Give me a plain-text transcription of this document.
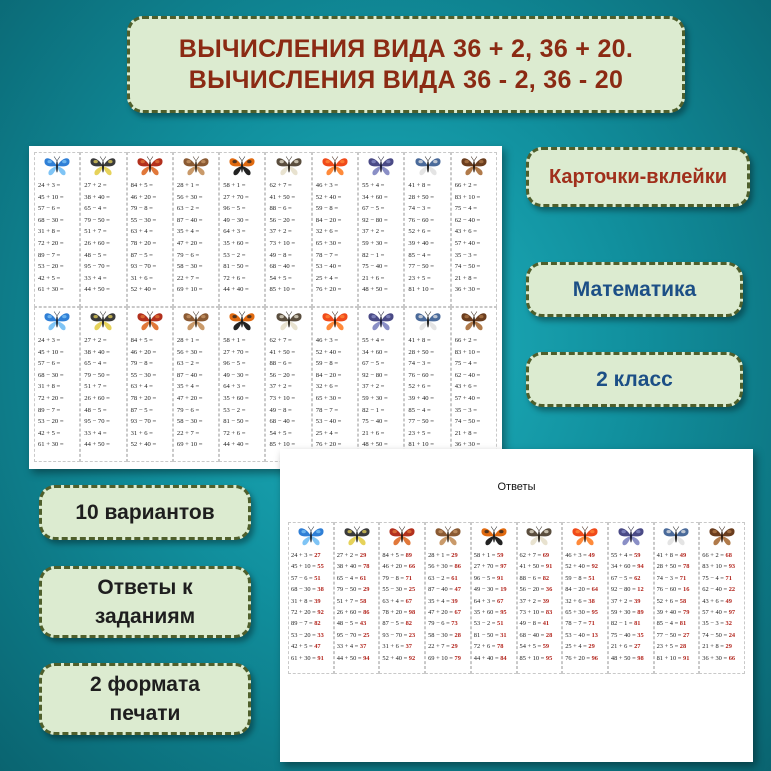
ВЫЧИСЛЕНИЯ ВИДА 36 + 2, 36 + 20.
ВЫЧИСЛЕНИЯ ВИДА 36 - 2, 36 - 20
24 + 3 =
45 + 10 =
57 − 6 =
68 − 30 =
31 + 8 =
72 + 20 =
89 − 7 =
53 − 20 =
42 + 5 =
61 + 30 =
27 + 2 =
38 + 40 =
65 − 4 =
79 − 50 =
51 + 7 =
26 + 60 =
48 − 5 =
95 − 70 =
33 + 4 =
44 + 50 =
84 + 5 =
46 + 20 =
79 − 8 =
55 − 30 =
63 + 4 =
78 + 20 =
87 − 5 =
93 − 70 =
31 + 6 =
52 + 40 =
28 + 1 =
56 + 30 =
63 − 2 =
87 − 40 =
35 + 4 =
47 + 20 =
79 − 6 =
58 − 30 =
22 + 7 =
69 + 10 =
58 + 1 =
27 + 70 =
96 − 5 =
49 − 30 =
64 + 3 =
35 + 60 =
53 − 2 =
81 − 50 =
72 + 6 =
44 + 40 =
62 + 7 =
41 + 50 =
88 − 6 =
56 − 20 =
37 + 2 =
73 + 10 =
49 − 8 =
68 − 40 =
54 + 5 =
85 + 10 =
46 + 3 =
52 + 40 =
59 − 8 =
84 − 20 =
32 + 6 =
65 + 30 =
78 − 7 =
53 − 40 =
25 + 4 =
76 + 20 =
55 + 4 =
34 + 60 =
67 − 5 =
92 − 80 =
37 + 2 =
59 + 30 =
82 − 1 =
75 − 40 =
21 + 6 =
48 + 50 =
41 + 8 =
28 + 50 =
74 − 3 =
76 − 60 =
52 + 6 =
39 + 40 =
85 − 4 =
77 − 50 =
23 + 5 =
81 + 10 =
66 + 2 =
83 + 10 =
75 − 4 =
62 − 40 =
43 + 6 =
57 + 40 =
35 − 3 =
74 − 50 =
21 + 8 =
36 + 30 =
24 + 3 =
45 + 10 =
57 − 6 =
68 − 30 =
31 + 8 =
72 + 20 =
89 − 7 =
53 − 20 =
42 + 5 =
61 + 30 =
27 + 2 =
38 + 40 =
65 − 4 =
79 − 50 =
51 + 7 =
26 + 60 =
48 − 5 =
95 − 70 =
33 + 4 =
44 + 50 =
84 + 5 =
46 + 20 =
79 − 8 =
55 − 30 =
63 + 4 =
78 + 20 =
87 − 5 =
93 − 70 =
31 + 6 =
52 + 40 =
28 + 1 =
56 + 30 =
63 − 2 =
87 − 40 =
35 + 4 =
47 + 20 =
79 − 6 =
58 − 30 =
22 + 7 =
69 + 10 =
58 + 1 =
27 + 70 =
96 − 5 =
49 − 30 =
64 + 3 =
35 + 60 =
53 − 2 =
81 − 50 =
72 + 6 =
44 + 40 =
62 + 7 =
41 + 50 =
88 − 6 =
56 − 20 =
37 + 2 =
73 + 10 =
49 − 8 =
68 − 40 =
54 + 5 =
85 + 10 =
46 + 3 =
52 + 40 =
59 − 8 =
84 − 20 =
32 + 6 =
65 + 30 =
78 − 7 =
53 − 40 =
25 + 4 =
76 + 20 =
55 + 4 =
34 + 60 =
67 − 5 =
92 − 80 =
37 + 2 =
59 + 30 =
82 − 1 =
75 − 40 =
21 + 6 =
48 + 50 =
41 + 8 =
28 + 50 =
74 − 3 =
76 − 60 =
52 + 6 =
39 + 40 =
85 − 4 =
77 − 50 =
23 + 5 =
81 + 10 =
66 + 2 =
83 + 10 =
75 − 4 =
62 − 40 =
43 + 6 =
57 + 40 =
35 − 3 =
74 − 50 =
21 + 8 =
36 + 30 =
Ответы
24 + 3 = 27
45 + 10 = 55
57 − 6 = 51
68 − 30 = 38
31 + 8 = 39
72 + 20 = 92
89 − 7 = 82
53 − 20 = 33
42 + 5 = 47
61 + 30 = 91
27 + 2 = 29
38 + 40 = 78
65 − 4 = 61
79 − 50 = 29
51 + 7 = 58
26 + 60 = 86
48 − 5 = 43
95 − 70 = 25
33 + 4 = 37
44 + 50 = 94
84 + 5 = 89
46 + 20 = 66
79 − 8 = 71
55 − 30 = 25
63 + 4 = 67
78 + 20 = 98
87 − 5 = 82
93 − 70 = 23
31 + 6 = 37
52 + 40 = 92
28 + 1 = 29
56 + 30 = 86
63 − 2 = 61
87 − 40 = 47
35 + 4 = 39
47 + 20 = 67
79 − 6 = 73
58 − 30 = 28
22 + 7 = 29
69 + 10 = 79
58 + 1 = 59
27 + 70 = 97
96 − 5 = 91
49 − 30 = 19
64 + 3 = 67
35 + 60 = 95
53 − 2 = 51
81 − 50 = 31
72 + 6 = 78
44 + 40 = 84
62 + 7 = 69
41 + 50 = 91
88 − 6 = 82
56 − 20 = 36
37 + 2 = 39
73 + 10 = 83
49 − 8 = 41
68 − 40 = 28
54 + 5 = 59
85 + 10 = 95
46 + 3 = 49
52 + 40 = 92
59 − 8 = 51
84 − 20 = 64
32 + 6 = 38
65 + 30 = 95
78 − 7 = 71
53 − 40 = 13
25 + 4 = 29
76 + 20 = 96
55 + 4 = 59
34 + 60 = 94
67 − 5 = 62
92 − 80 = 12
37 + 2 = 39
59 + 30 = 89
82 − 1 = 81
75 − 40 = 35
21 + 6 = 27
48 + 50 = 98
41 + 8 = 49
28 + 50 = 78
74 − 3 = 71
76 − 60 = 16
52 + 6 = 58
39 + 40 = 79
85 − 4 = 81
77 − 50 = 27
23 + 5 = 28
81 + 10 = 91
66 + 2 = 68
83 + 10 = 93
75 − 4 = 71
62 − 40 = 22
43 + 6 = 49
57 + 40 = 97
35 − 3 = 32
74 − 50 = 24
21 + 8 = 29
36 + 30 = 66
Карточки-вклейки
Математика
2 класс
10 вариантов
Ответы к
заданиям
2 формата
печати
